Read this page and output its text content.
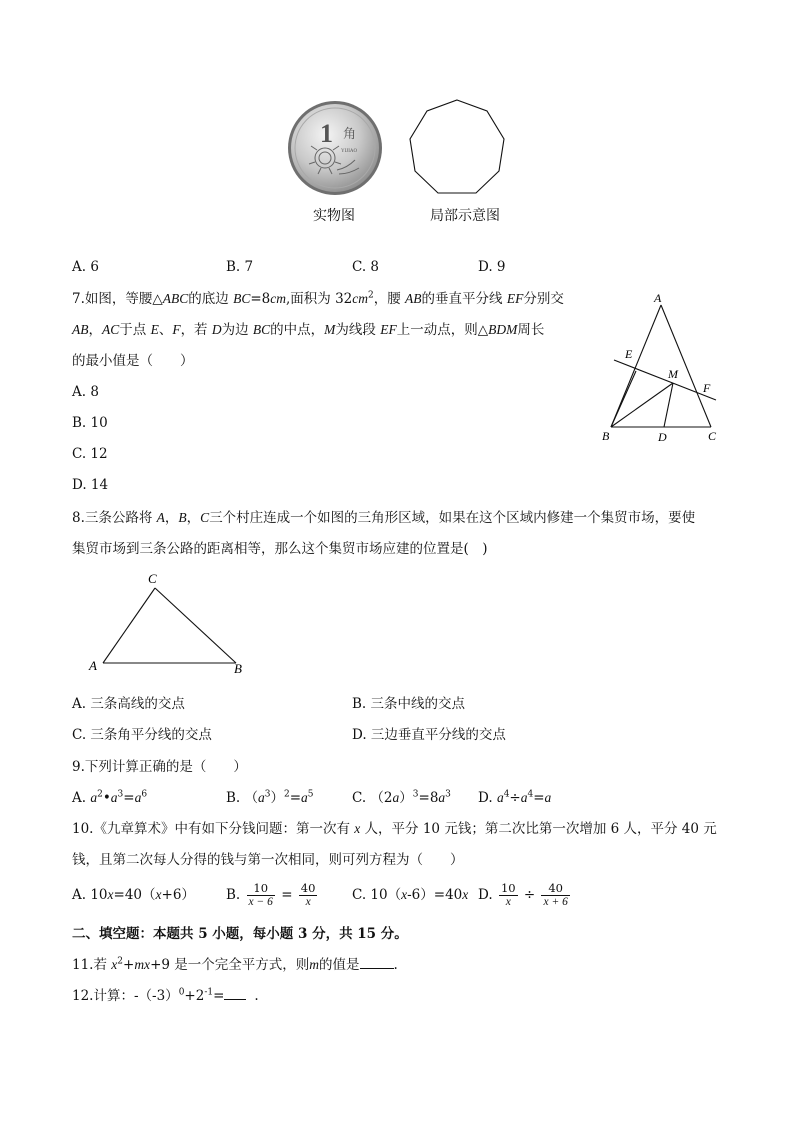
1 角
YIJIAO
实物图	局部示意图
A. 6	B. 7	C. 8	D. 9
7.如图，等腰△ABC的底边 BC=8cm,面积为 $32cm^2$，腰 AB的垂直平分线 EF分别交
AB，AC于点 E、F，若 D为边 BC的中点，M为线段 EF上一动点，则△BDM周长
的最小值是（　　）
A. 8
B. 10
C. 12
D. 14
A
E
M
F
B	D	C
8.三条公路将 A，B，C三个村庄连成一个如图的三角形区域，如果在这个区域内修建一个集贸市场，要使
集贸市场到三条公路的距离相等，那么这个集贸市场应建的位置是(　)
C
A	B
A. 三条高线的交点	B. 三条中线的交点
C. 三条角平分线的交点	D. 三边垂直平分线的交点
9.下列计算正确的是（　　）
A. $a^2•a^3=a^6$	B. $(a^3)^2=a^5$	C. $(2a)^3=8a^3$ D. $a^4\div a^4=a$
10.《九章算术》中有如下分钱问题：第一次有 x 人，平分 10 元钱；第二次比第一次增加 6 人，平分 40 元
钱，且第二次每人分得的钱与第一次相同，则可列方程为（　　）
A. 10x=40（x+6） B. $\frac{10}{x - 6} = \frac{40}{x}$	C. 10（x-6）=40x D. $\frac{10}{x} \div \frac{40}{x + 6}$
二、填空题：本题共 5 小题，每小题 3 分，共 15 分。
11.若 $x^2+mx+9$ 是一个完全平方式，则m的值是	.
12.计算：$-(-3)^0+2^{-1}=$ .
